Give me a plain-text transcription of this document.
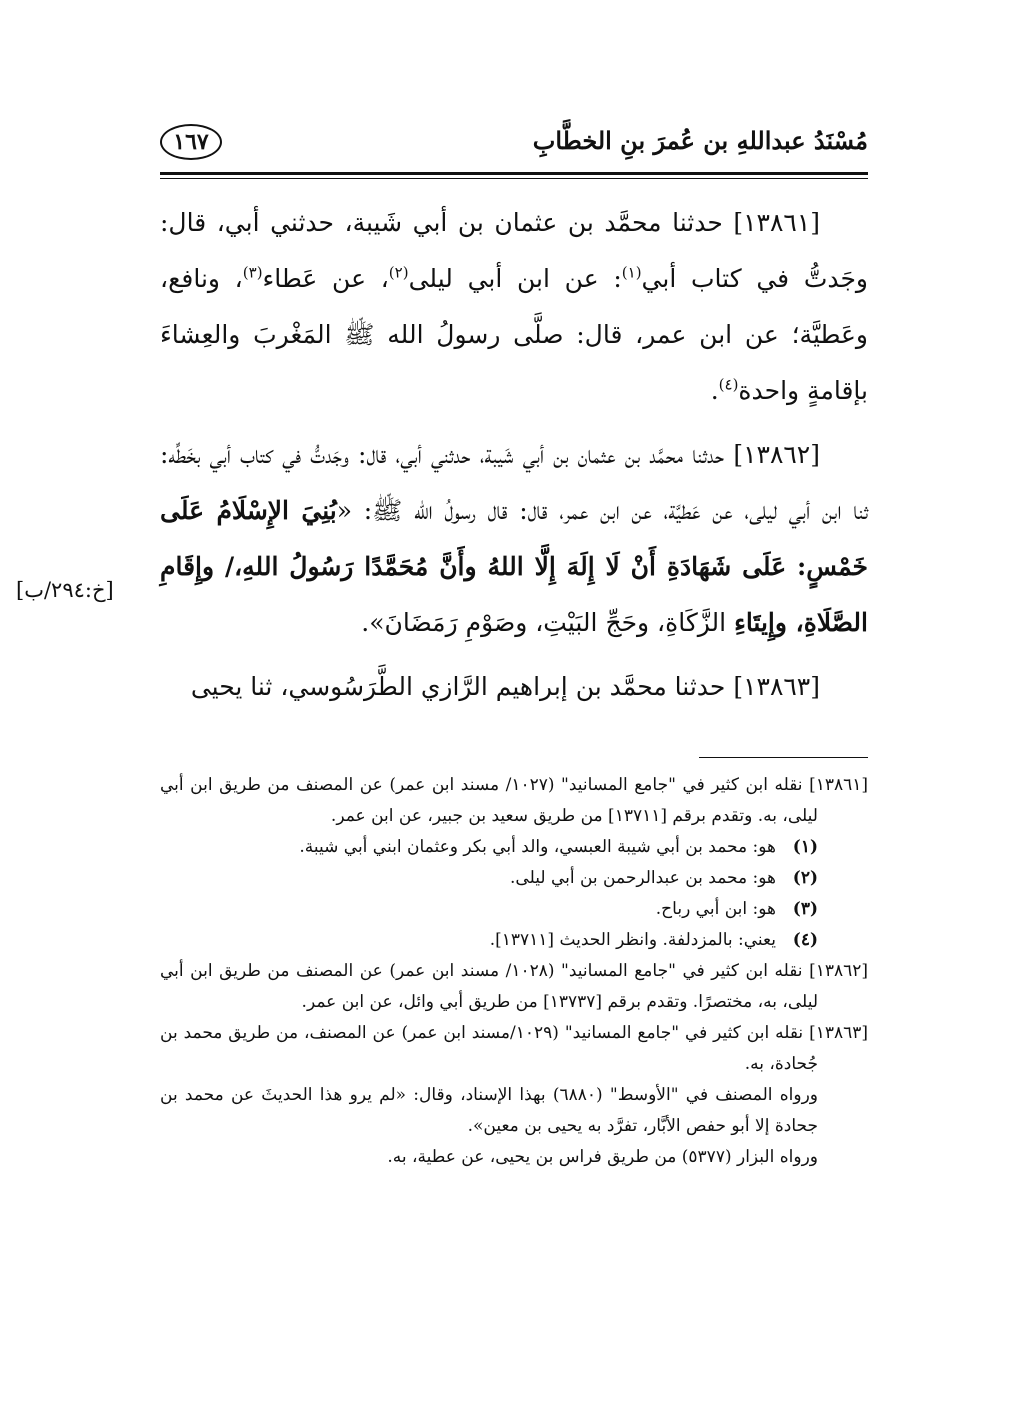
مُسْنَدُ عبداللهِ بن عُمرَ بنِ الخطَّابِ
١٦٧

[١٣٨٦١] حدثنا محمَّد بن عثمان بن أبي شَيبة، حدثني أبي، قال: وجَدتُّ في كتاب أبي$^{(١)}$: عن ابن أبي ليلى$^{(٢)}$، عن عَطاء$^{(٣)}$، ونافع، وعَطيَّة؛ عن ابن عمر، قال: صلَّى رسولُ الله ﷺ المَغْربَ والعِشاءَ بإقامةٍ واحدة$^{(٤)}$.

[١٣٨٦٢] حدثنا محمَّد بن عثمان بن أبي شَيبة، حدثني أبي، قال: وجَدتُّ في كتاب أبي بخَطِّه: ثنا ابن أبي ليلى، عن عَطيَّة، عن ابن عمر، قال: قال رسولُ الله ﷺ: «بُنِيَ الإِسْلَامُ عَلَى خَمْسٍ: عَلَى شَهَادَةِ أَنْ لَا إِلَهَ إِلَّا اللهُ وأَنَّ مُحَمَّدًا رَسُولُ اللهِ،/ وإِقَامِ الصَّلَاةِ، وإِيتَاءِ الزَّكَاةِ، وحَجِّ البَيْتِ، وصَوْمِ رَمَضَانَ».

[١٣٨٦٣] حدثنا محمَّد بن إبراهيم الرَّازي الطَّرَسُوسي، ثنا يحيى

[خ:٢٩٤/ب]

[١٣٨٦١] نقله ابن كثير في "جامع المسانيد" (١٠٢٧/ مسند ابن عمر) عن المصنف من طريق ابن أبي ليلى، به. وتقدم برقم [١٣٧١١] من طريق سعيد بن جبير، عن ابن عمر.

(١)هو: محمد بن أبي شيبة العبسي، والد أبي بكر وعثمان ابني أبي شيبة.

(٢)هو: محمد بن عبدالرحمن بن أبي ليلى.

(٣)هو: ابن أبي رباح.

(٤)يعني: بالمزدلفة. وانظر الحديث [١٣٧١١].

[١٣٨٦٢] نقله ابن كثير في "جامع المسانيد" (١٠٢٨/ مسند ابن عمر) عن المصنف من طريق ابن أبي ليلى، به، مختصرًا. وتقدم برقم [١٣٧٣٧] من طريق أبي وائل، عن ابن عمر.

[١٣٨٦٣] نقله ابن كثير في "جامع المسانيد" (١٠٢٩/مسند ابن عمر) عن المصنف، من طريق محمد بن جُحادة، به.

ورواه المصنف في "الأوسط" (٦٨٨٠) بهذا الإسناد، وقال: «لم يرو هذا الحديثَ عن محمد بن جحادة إلا أبو حفص الأبَّار، تفرَّد به يحيى بن معين».

ورواه البزار (٥٣٧٧) من طريق فراس بن يحيى، عن عطية، به.
